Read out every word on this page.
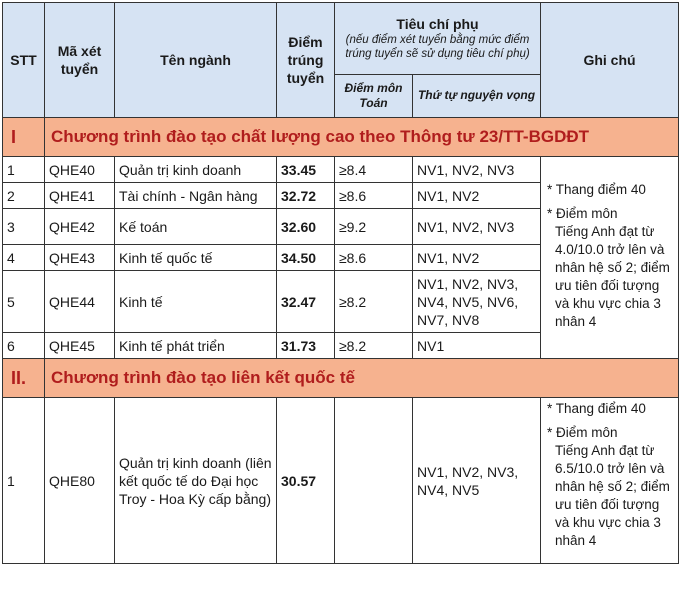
STT	Mã xét tuyển	Tên ngành	Điểm trúng tuyển	Tiêu chí phụ
(nếu điểm xét tuyển bằng mức điểm trúng tuyển sẽ sử dụng tiêu chí phụ)		Ghi chú
				Điểm môn Toán	Thứ tự nguyện vọng	
I	Chương trình đào tạo chất lượng cao theo Thông tư 23/TT-BGDĐT					
1	QHE40	Quản trị kinh doanh	33.45	≥8.4	NV1, NV2, NV3	* Thang điểm 40

* Điểm môn

Tiếng Anh đạt từ 4.0/10.0 trở lên và nhân hệ số 2; điểm ưu tiên đối tượng và khu vực chia 3 nhân 4

2	QHE41	Tài chính - Ngân hàng	32.72	≥8.6	NV1, NV2	
3	QHE42	Kế toán	32.60	≥9.2	NV1, NV2, NV3	
4	QHE43	Kinh tế quốc tế	34.50	≥8.6	NV1, NV2	
5	QHE44	Kinh tế	32.47	≥8.2	NV1, NV2, NV3, NV4, NV5, NV6, NV7, NV8	
6	QHE45	Kinh tế phát triển	31.73	≥8.2	NV1	
II.	Chương trình đào tạo liên kết quốc tế					
1	QHE80	Quản trị kinh doanh (liên kết quốc tế do Đại học Troy - Hoa Kỳ cấp bằng)	30.57		NV1, NV2, NV3, NV4, NV5	* Thang điểm 40

* Điểm môn

Tiếng Anh đạt từ 6.5/10.0 trở lên và nhân hệ số 2; điểm ưu tiên đối tượng và khu vực chia 3 nhân 4
